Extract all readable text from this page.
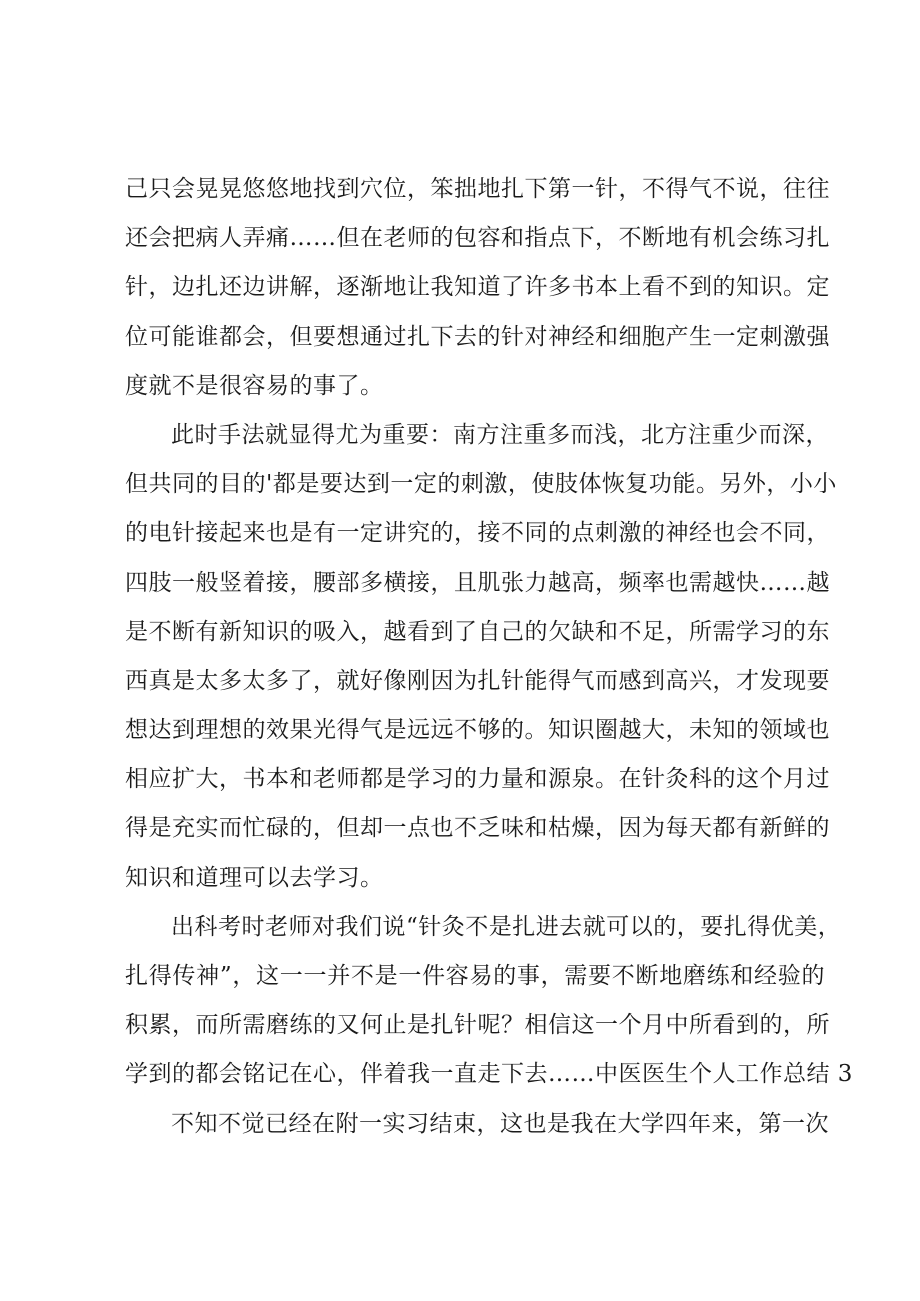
己只会晃晃悠悠地找到穴位，笨拙地扎下第一针，不得气不说，往往
还会把病人弄痛……但在老师的包容和指点下，不断地有机会练习扎
针，边扎还边讲解，逐渐地让我知道了许多书本上看不到的知识。定
位可能谁都会，但要想通过扎下去的针对神经和细胞产生一定刺激强
度就不是很容易的事了。
此时手法就显得尤为重要：南方注重多而浅，北方注重少而深，
但共同的目的'都是要达到一定的刺激，使肢体恢复功能。另外，小小
的电针接起来也是有一定讲究的，接不同的点刺激的神经也会不同，
四肢一般竖着接，腰部多横接，且肌张力越高，频率也需越快……越
是不断有新知识的吸入，越看到了自己的欠缺和不足，所需学习的东
西真是太多太多了，就好像刚因为扎针能得气而感到高兴，才发现要
想达到理想的效果光得气是远远不够的。知识圈越大，未知的领域也
相应扩大，书本和老师都是学习的力量和源泉。在针灸科的这个月过
得是充实而忙碌的，但却一点也不乏味和枯燥，因为每天都有新鲜的
知识和道理可以去学习。
出科考时老师对我们说“针灸不是扎进去就可以的，要扎得优美，
扎得传神”，这一一并不是一件容易的事，需要不断地磨练和经验的
积累，而所需磨练的又何止是扎针呢？相信这一个月中所看到的，所
学到的都会铭记在心，伴着我一直走下去……中医医生个人工作总结 3
不知不觉已经在附一实习结束，这也是我在大学四年来，第一次
